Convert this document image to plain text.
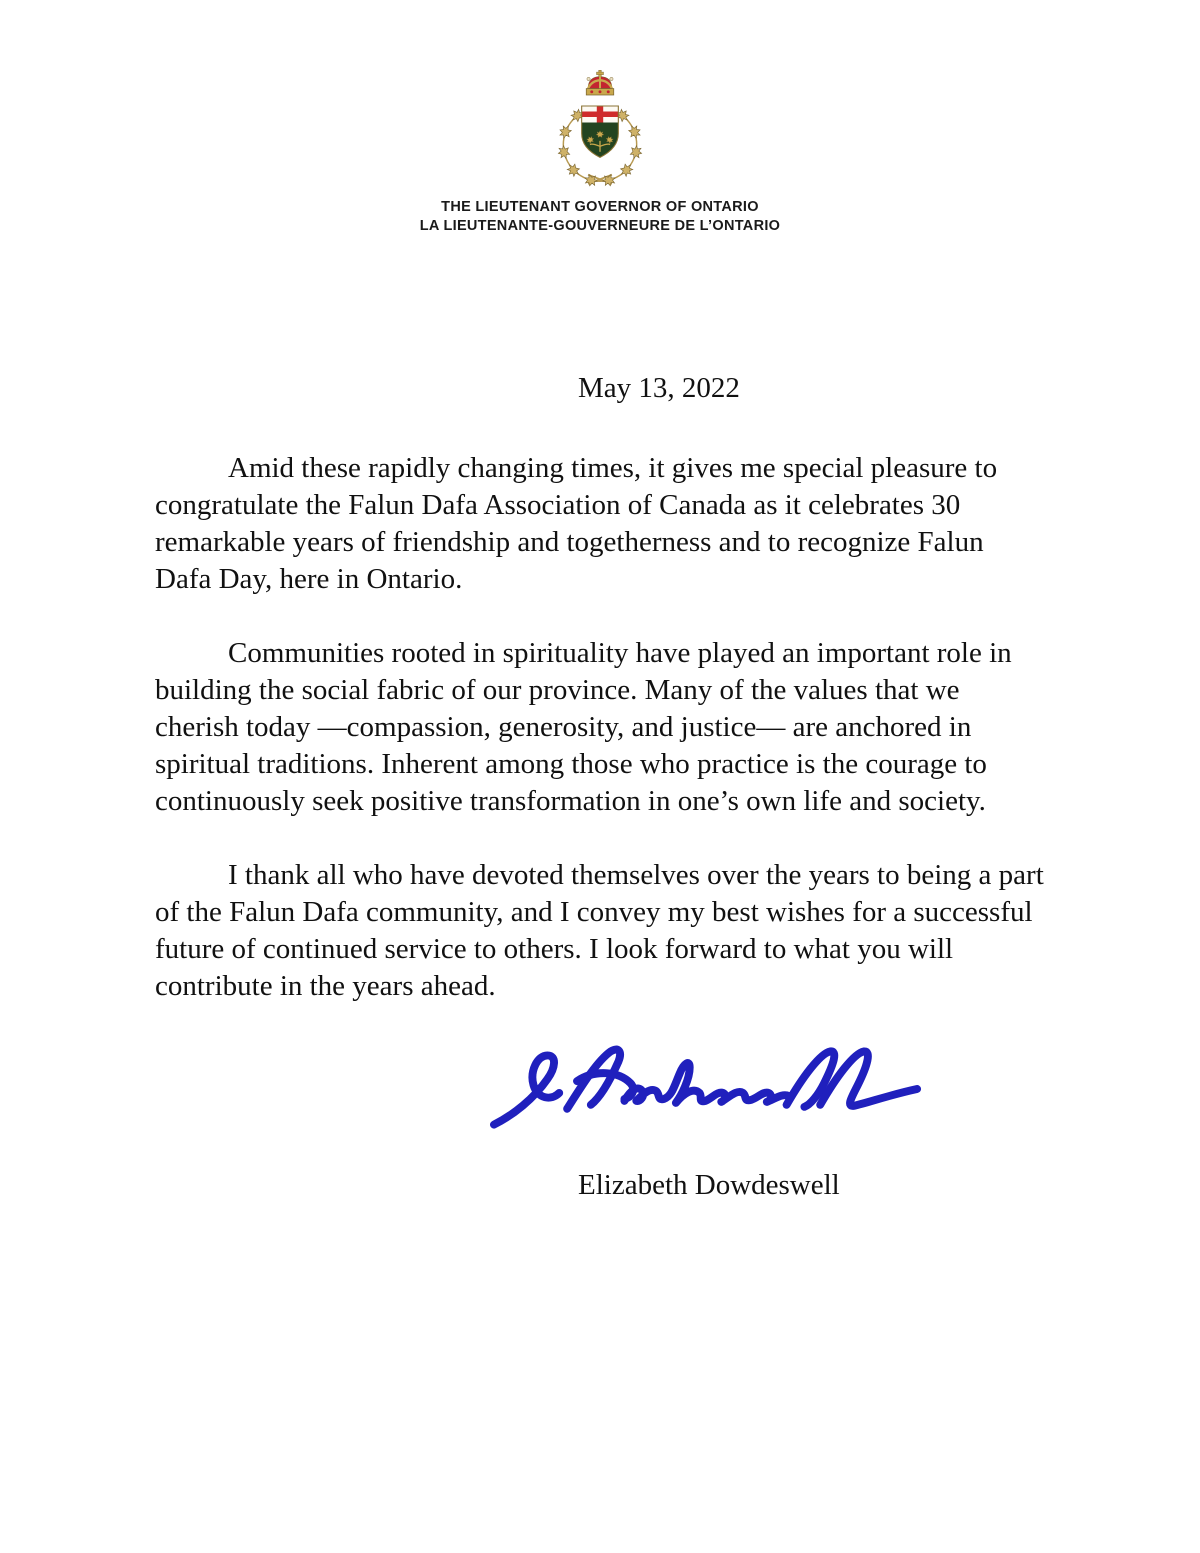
THE LIEUTENANT GOVERNOR OF ONTARIO
LA LIEUTENANTE-GOUVERNEURE DE L’ONTARIO
May 13, 2022

Amid these rapidly changing times, it gives me special pleasure to congratulate the Falun Dafa Association of Canada as it celebrates 30 remarkable years of friendship and togetherness and to recognize Falun Dafa Day, here in Ontario.

Communities rooted in spirituality have played an important role in building the social fabric of our province. Many of the values that we cherish today —compassion, generosity, and justice— are anchored in spiritual traditions. Inherent among those who practice is the courage to continuously seek positive transformation in one’s own life and society.

I thank all who have devoted themselves over the years to being a part of the Falun Dafa community, and I convey my best wishes for a successful future of continued service to others. I look forward to what you will contribute in the years ahead.

Elizabeth Dowdeswell
